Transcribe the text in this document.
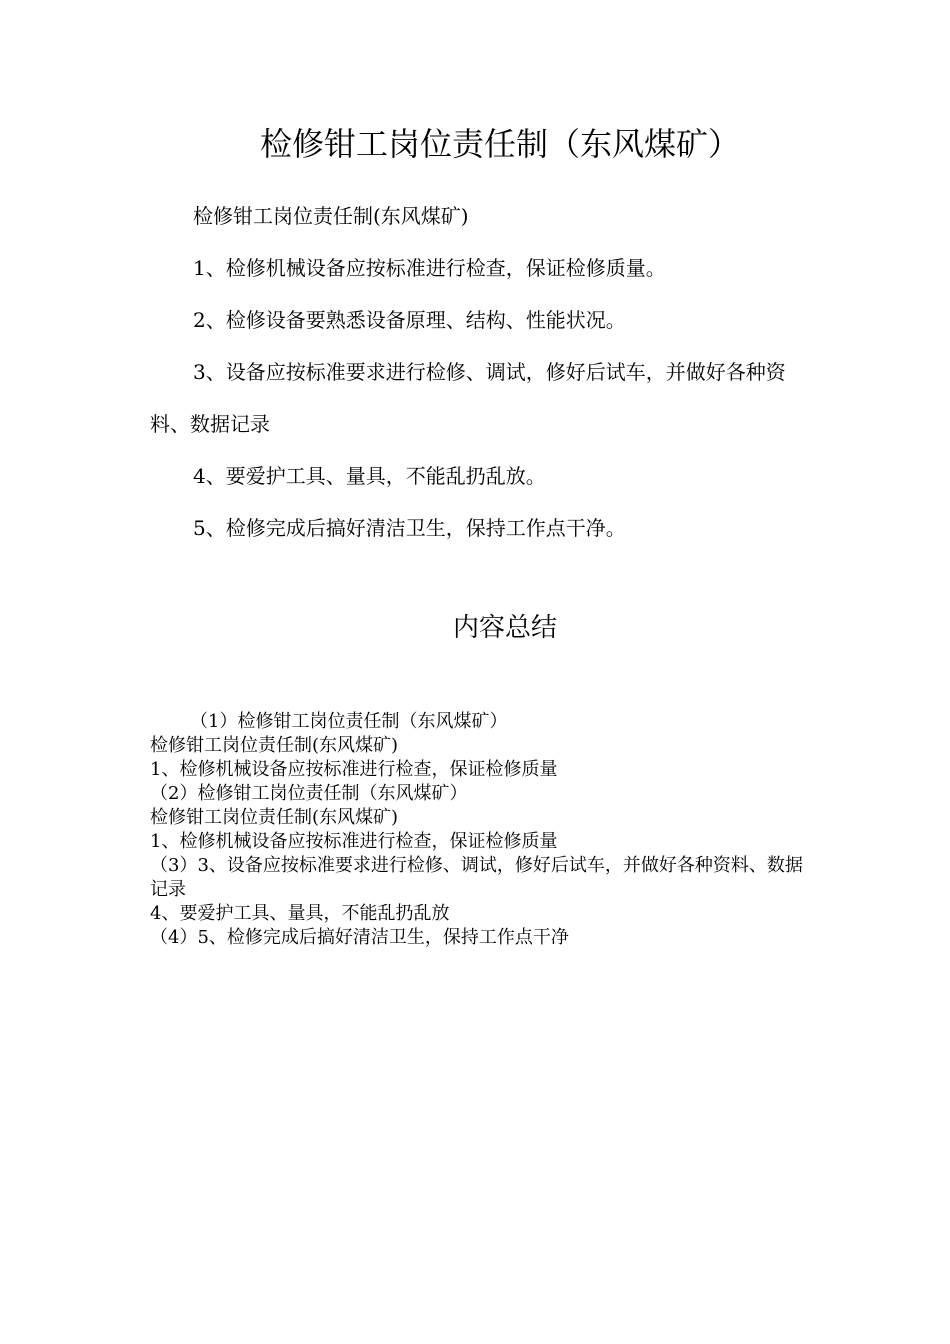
检修钳工岗位责任制（东风煤矿）

检修钳工岗位责任制(东风煤矿)

1、检修机械设备应按标准进行检查，保证检修质量。

2、检修设备要熟悉设备原理、结构、性能状况。

3、设备应按标准要求进行检修、调试，修好后试车，并做好各种资料、数据记录

4、要爱护工具、量具，不能乱扔乱放。

5、检修完成后搞好清洁卫生，保持工作点干净。

内容总结

（1）检修钳工岗位责任制（东风煤矿）

检修钳工岗位责任制(东风煤矿)

1、检修机械设备应按标准进行检查，保证检修质量

（2）检修钳工岗位责任制（东风煤矿）

检修钳工岗位责任制(东风煤矿)

1、检修机械设备应按标准进行检查，保证检修质量

（3）3、设备应按标准要求进行检修、调试，修好后试车，并做好各种资料、数据记录

4、要爱护工具、量具，不能乱扔乱放

（4）5、检修完成后搞好清洁卫生，保持工作点干净
